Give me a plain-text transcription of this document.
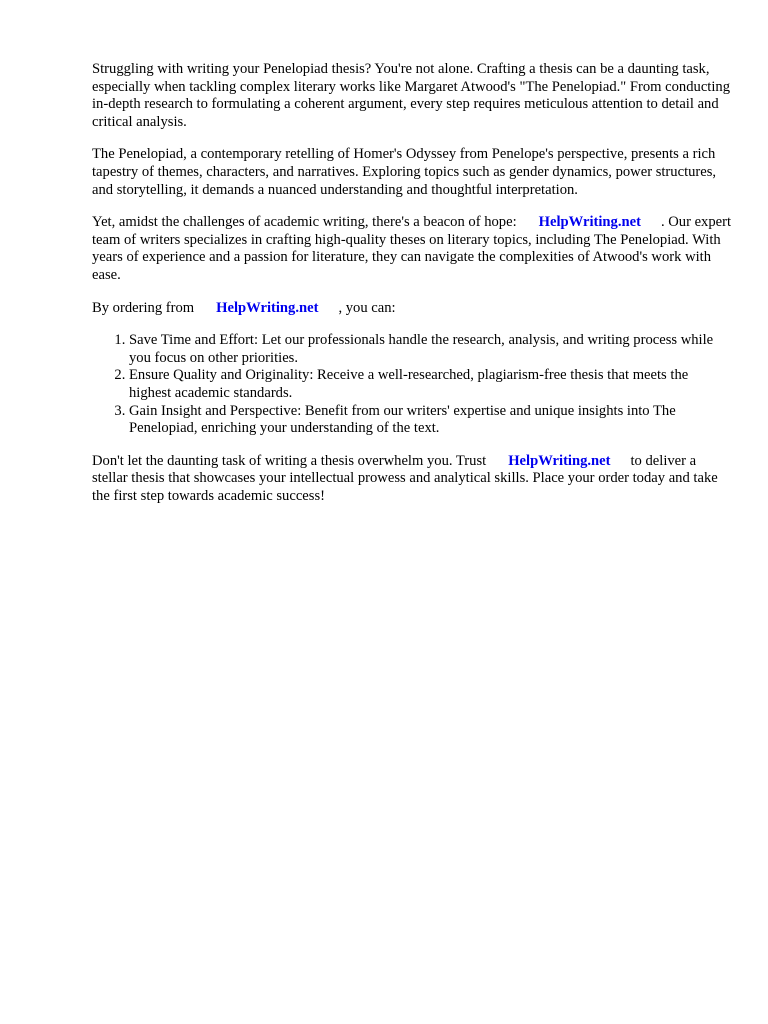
Struggling with writing your Penelopiad thesis? You're not alone. Crafting a thesis can be a daunting task, especially when tackling complex literary works like Margaret Atwood's "The Penelopiad." From conducting in-depth research to formulating a coherent argument, every step requires meticulous attention to detail and critical analysis.

The Penelopiad, a contemporary retelling of Homer's Odyssey from Penelope's perspective, presents a rich tapestry of themes, characters, and narratives. Exploring topics such as gender dynamics, power structures, and storytelling, it demands a nuanced understanding and thoughtful interpretation.

Yet, amidst the challenges of academic writing, there's a beacon of hope: HelpWriting.net . Our expert team of writers specializes in crafting high-quality theses on literary topics, including The Penelopiad. With years of experience and a passion for literature, they can navigate the complexities of Atwood's work with ease.

By ordering from HelpWriting.net , you can:

1. Save Time and Effort: Let our professionals handle the research, analysis, and writing process while you focus on other priorities.
2. Ensure Quality and Originality: Receive a well-researched, plagiarism-free thesis that meets the highest academic standards.
3. Gain Insight and Perspective: Benefit from our writers' expertise and unique insights into The Penelopiad, enriching your understanding of the text.

Don't let the daunting task of writing a thesis overwhelm you. Trust HelpWriting.net to deliver a stellar thesis that showcases your intellectual prowess and analytical skills. Place your order today and take the first step towards academic success!
